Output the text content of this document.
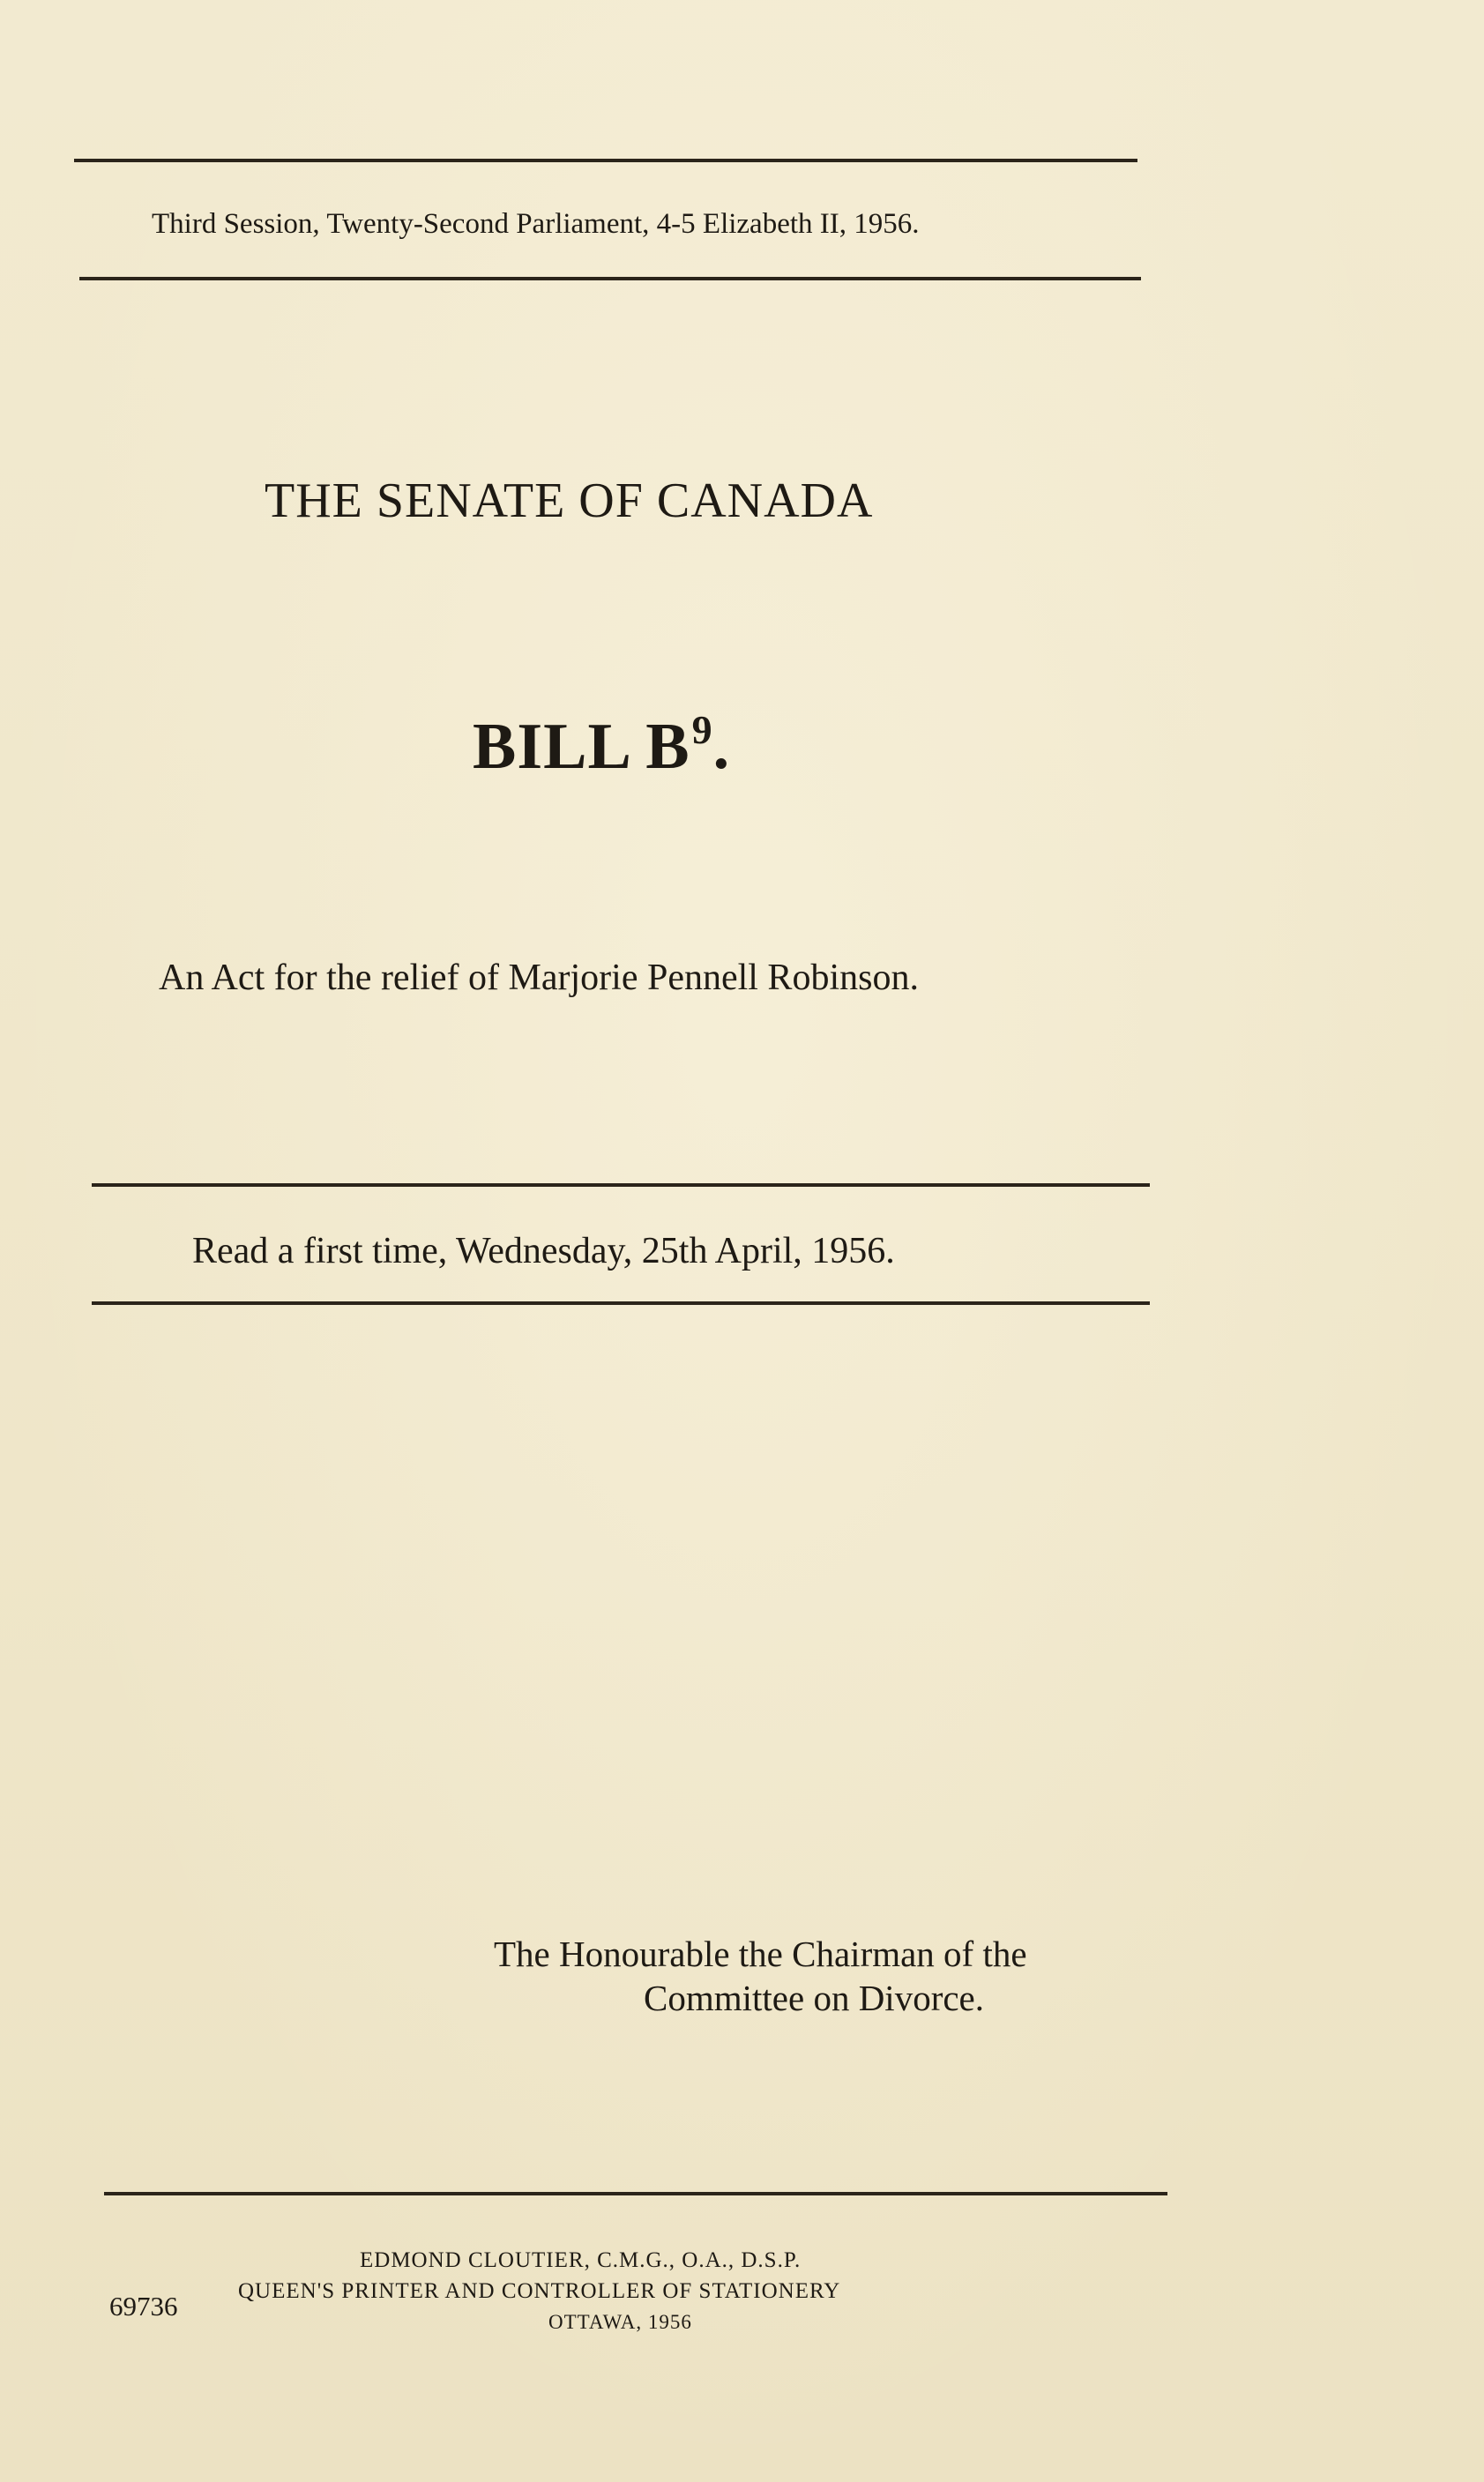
Third Session, Twenty-Second Parliament, 4-5 Elizabeth II, 1956.
THE SENATE OF CANADA
BILL $B^9$.
An Act for the relief of Marjorie Pennell Robinson.
Read a first time, Wednesday, 25th April, 1956.
The Honourable the Chairman of the
Committee on Divorce.
EDMOND CLOUTIER, C.M.G., O.A., D.S.P.
QUEEN'S PRINTER AND CONTROLLER OF STATIONERY
OTTAWA, 1956
69736
